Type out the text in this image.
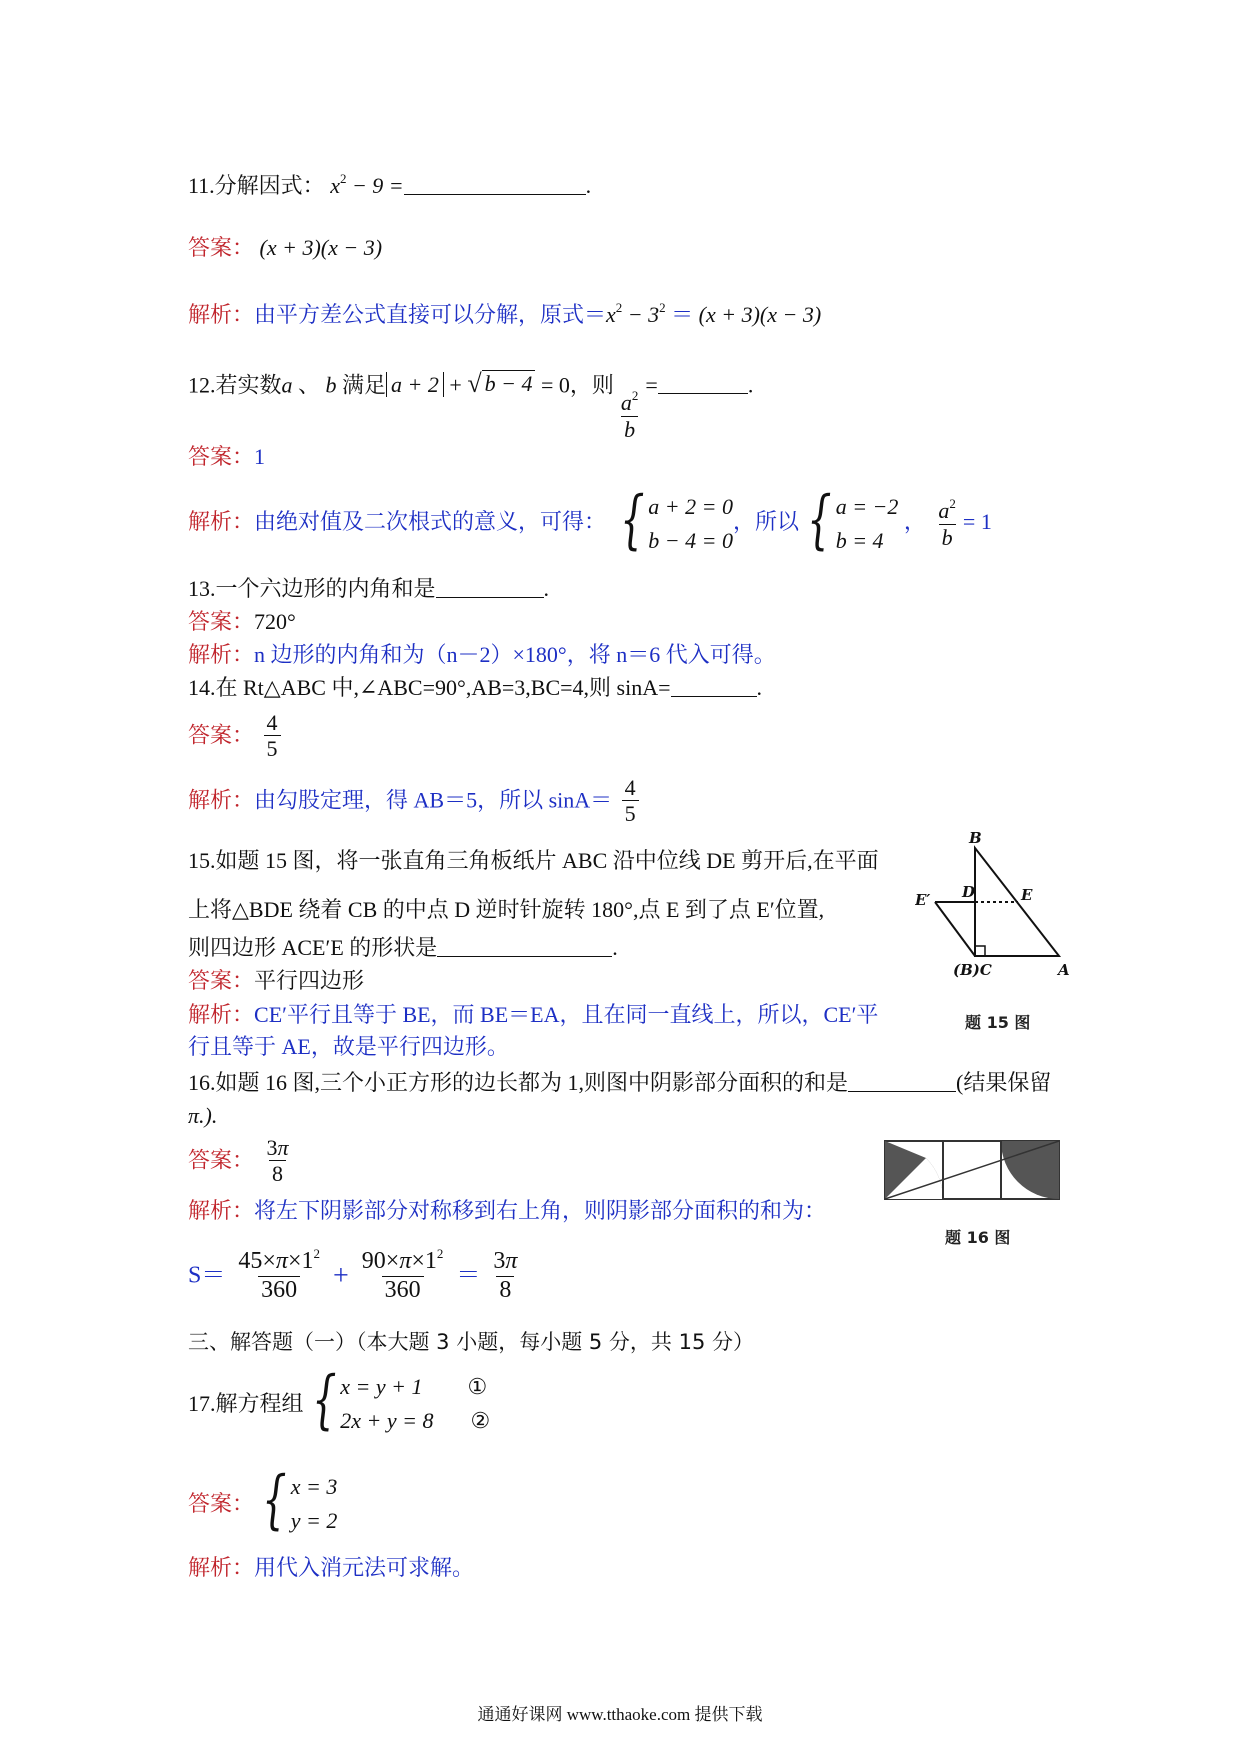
11.分解因式： $x^2 - 9$ =	.
答案： (x + 3)(x − 3)
解析：由平方差公式直接可以分解，原式$=x^2 - 3^2 = (x + 3)(x - 3)$
12.若实数a 、 b 满足 a + 2 + √ b − 4 = 0，则
$\frac{a^2}{b}$
=	.
答案：1
解析：由绝对值及二次根式的意义，可得： { a + 2 = 0
b − 4 = 0
，所以 { a = −2
b = 4
， $\frac{a^2}{b} = 1$
13.一个六边形的内角和是	.
答案：720°
解析：n 边形的内角和为（n－2）×180°，将 n＝6 代入可得。
14.在 Rt△ABC 中,∠ABC=90°,AB=3,BC=4,则 sinA=	.
答案： $\frac{4}{5}$
解析：由勾股定理，得 AB＝5，所以 $\sin A= \frac{4}{5}$
15.如题 15 图，将一张直角三角板纸片 ABC 沿中位线 DE 剪开后,在平面
上将△BDE 绕着 CB 的中点 D 逆时针旋转 180°,点 E 到了点 E′位置,
则四边形 ACE′E 的形状是	.
答案：平行四边形
解析：CE′平行且等于 BE，而 BE＝EA，且在同一直线上，所以，CE′平
行且等于 AE，故是平行四边形。
B
D	E
E′
(B)C	A
题 15 图
16.如题 16 图,三个小正方形的边长都为 1,则图中阴影部分面积的和是	(结果保留
π.).
答案： $\frac{3\pi}{8}$
解析：将左下阴影部分对称移到右上角，则阴影部分面积的和为：
$S= \frac{45\times\pi\times 1^2}{360} + \frac{90\times\pi\times 1^2}{360} = \frac{3\pi}{8}$
题 16 图
三、解答题（一）（本大题 3 小题，每小题 5 分，共 15 分）
17.解方程组 { x = y + 1 ①
2x + y = 8 ②
答案： { x = 3
y = 2
解析：用代入消元法可求解。
通通好课网 www.tthaoke.com 提供下载
